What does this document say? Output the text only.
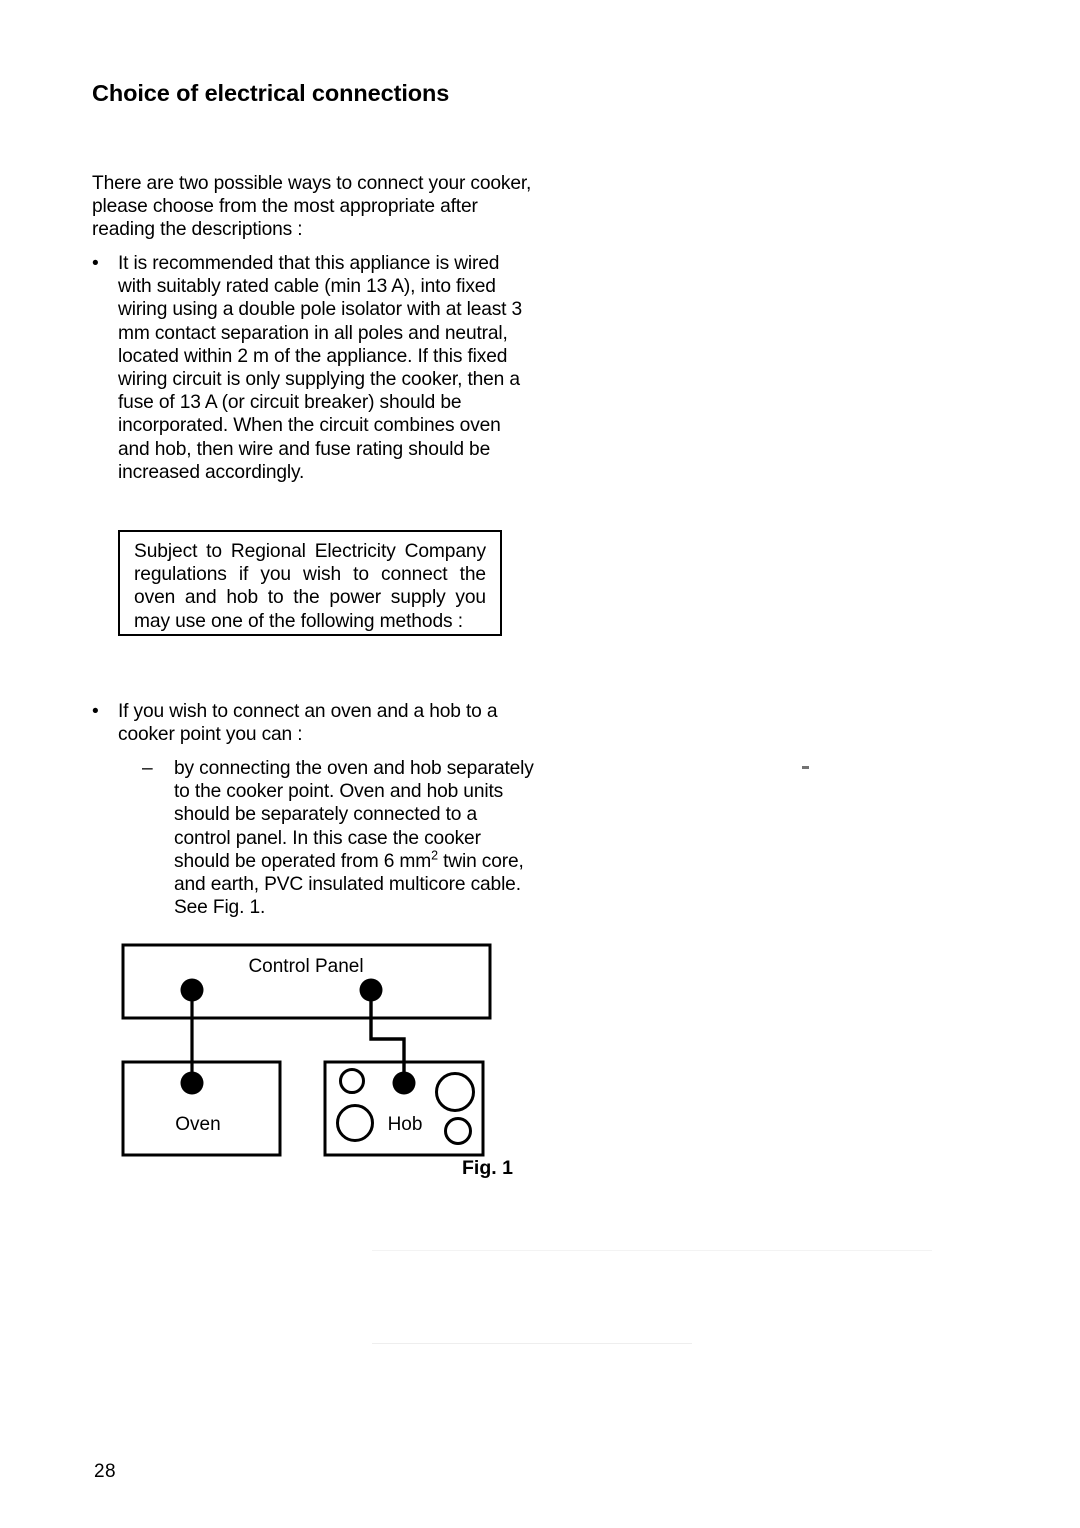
Choice of electrical connections

There are two possible ways to connect your cooker, please choose from the most appropriate after reading the descriptions :

•	It is recommended that this appliance is wired with suitably rated cable (min 13 A), into fixed wiring using a double pole isolator with at least 3 mm contact separation in all poles and neutral, located within 2 m of the appliance. If this fixed wiring circuit is only supplying the cooker, then a fuse of 13 A (or circuit breaker) should be incorporated. When the circuit combines oven and hob, then wire and fuse rating should be increased accordingly.
Subject to Regional Electricity Company regulations if you wish to connect the oven and hob to the power supply you may use one of the following methods :
•	If you wish to connect an oven and a hob to a cooker point you can :
–	by connecting the oven and hob separately to the cooker point. Oven and hob units should be separately connected to a control panel. In this case the cooker should be operated from 6 $mm^2$ twin core, and earth, PVC insulated multicore cable. See Fig. 1.
Control Panel
Oven	Hob
Fig. 1
28
